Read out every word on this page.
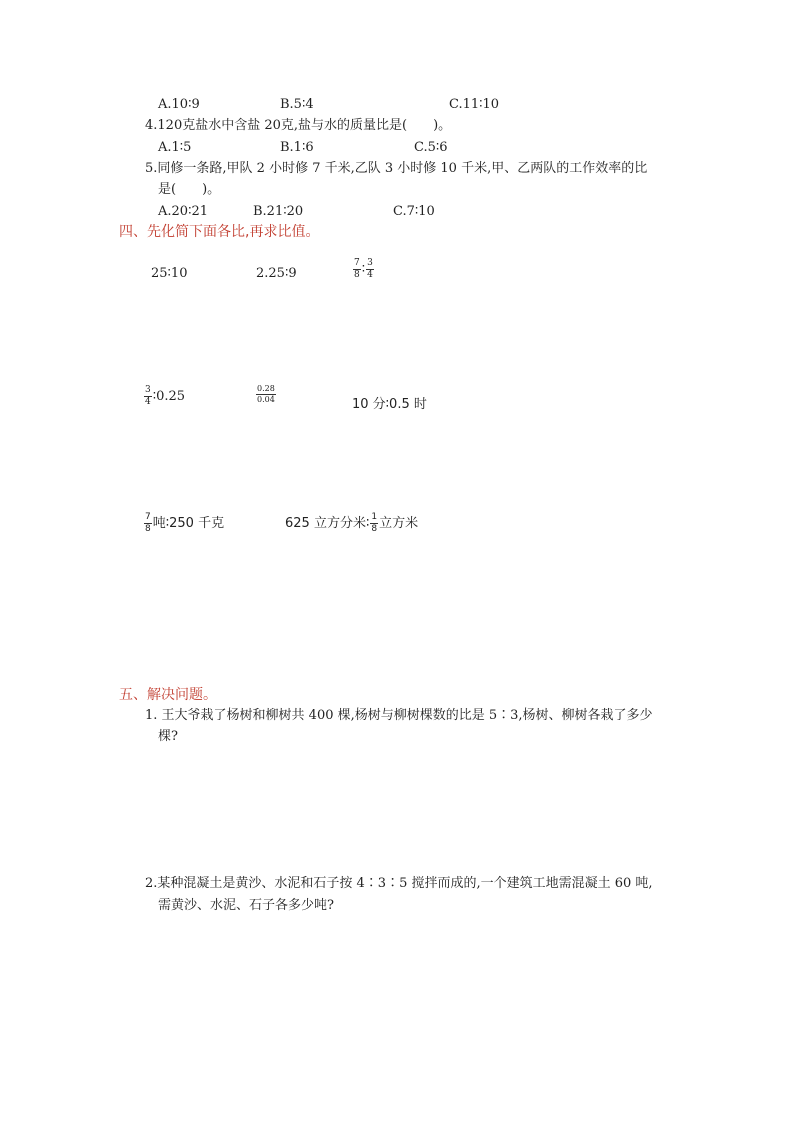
A.10∶9	B.5∶4	C.11∶10
4.120克盐水中含盐 20克,盐与水的质量比是(　　)。
A.1∶5	B.1∶6	C.5∶6
5.同修一条路,甲队 2 小时修 7 千米,乙队 3 小时修 10 千米,甲、乙两队的工作效率的比
是(　　)。
A.20∶21	B.21∶20	C.7∶10
四、先化简下面各比,再求比值。
25∶10	2.25∶9	$\frac{7}{8}$ ∶ $\frac{3}{4}$
$\frac{3}{4}$ ∶0.25	$\frac{0.28}{0.04}$
10 分∶0.5 时
$\frac{7}{8}$ 吨∶250 千克	625 立方分米∶ $\frac{1}{8}$ 立方米
五、解决问题。
1. 王大爷栽了杨树和柳树共 400 棵,杨树与柳树棵数的比是 5∶3,杨树、柳树各栽了多少
棵?
2.某种混凝土是黄沙、水泥和石子按 4∶3∶5 搅拌而成的,一个建筑工地需混凝土 60 吨,
需黄沙、水泥、石子各多少吨?
